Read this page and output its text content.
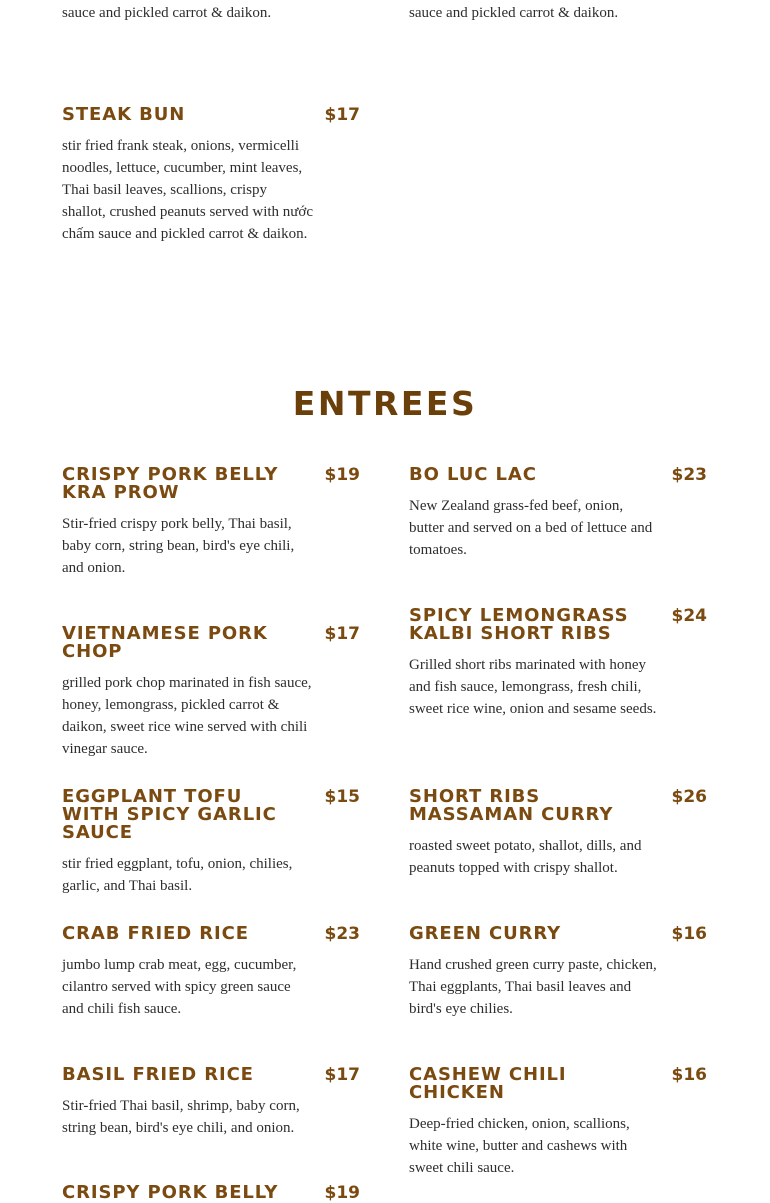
sauce and pickled carrot & daikon.	sauce and pickled carrot & daikon.

STEAK BUN	$17

stir fried frank steak, onions, vermicelli noodles, lettuce, cucumber, mint leaves, Thai basil leaves, scallions, crispy shallot, crushed peanuts served with nước chấm sauce and pickled carrot & daikon.

ENTREES
CRISPY PORK BELLY KRA PROW
$19

Stir-fried crispy pork belly, Thai basil, baby corn, string bean, bird's eye chili, and onion.

BO LUC LAC	$23

New Zealand grass-fed beef, onion, butter and served on a bed of lettuce and tomatoes.

VIETNAMESE PORK CHOP
$17

grilled pork chop marinated in fish sauce, honey, lemongrass, pickled carrot & daikon, sweet rice wine served with chili vinegar sauce.

SPICY LEMONGRASS KALBI SHORT RIBS
$24

Grilled short ribs marinated with honey and fish sauce, lemongrass, fresh chili, sweet rice wine, onion and sesame seeds.

EGGPLANT TOFU WITH SPICY GARLIC SAUCE
$15

stir fried eggplant, tofu, onion, chilies, garlic, and Thai basil.

SHORT RIBS MASSAMAN CURRY
$26

roasted sweet potato, shallot, dills, and peanuts topped with crispy shallot.

CRAB FRIED RICE	$23

jumbo lump crab meat, egg, cucumber, cilantro served with spicy green sauce and chili fish sauce.

GREEN CURRY	$16

Hand crushed green curry paste, chicken, Thai eggplants, Thai basil leaves and bird's eye chilies.

BASIL FRIED RICE	$17

Stir-fried Thai basil, shrimp, baby corn, string bean, bird's eye chili, and onion.

CASHEW CHILI CHICKEN
$16

Deep-fried chicken, onion, scallions, white wine, butter and cashews with sweet chili sauce.

CRISPY PORK BELLY	$19
